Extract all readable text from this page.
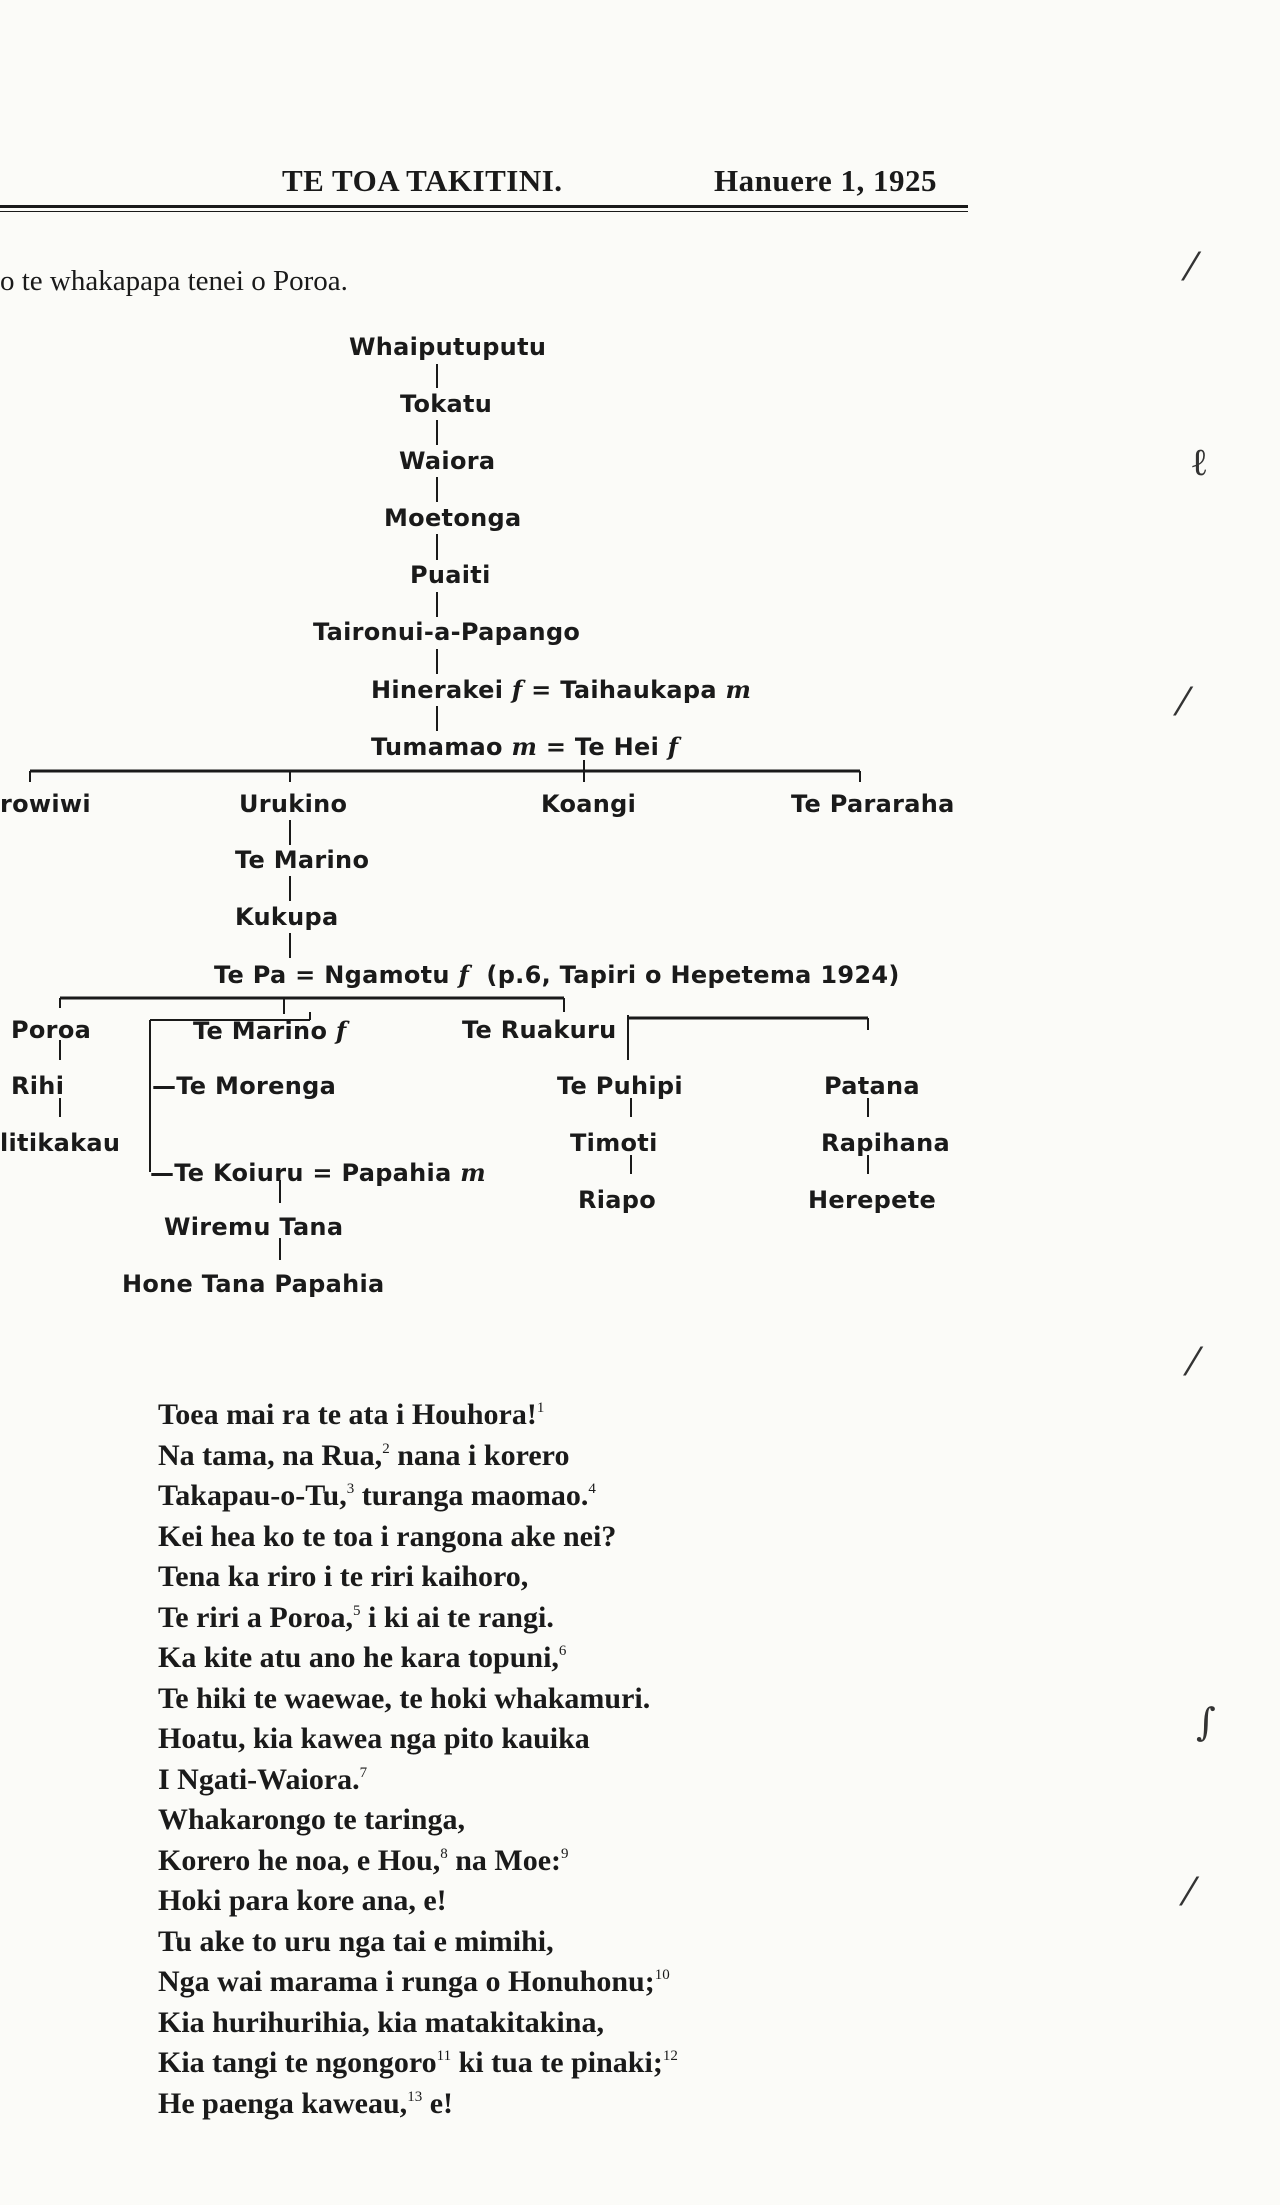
TE TOA TAKITINI.	Hanuere 1, 1925
o te whakapapa tenei o Poroa.
Whaiputuputu
Tokatu
Waiora
Moetonga
Puaiti
Taironui-a-Papango
Hinerakei f = Taihaukapa m
Tumamao m = Te Hei f
rowiwi	Urukino	Koangi	Te Pararaha
Te Marino
Kukupa
Te Pa = Ngamotu f (p.6, Tapiri o Hepetema 1924)
Poroa	Te Marino f	Te Ruakuru
Rihi	—Te Morenga	Te Puhipi	Patana
litikakau	Timoti	Rapihana
—Te Koiuru = Papahia m
Riapo	Herepete
Wiremu Tana
Hone Tana Papahia
Toea mai ra te ata i Houhora!$^1$
Na tama, na Rua,$^2$ nana i korero
Takapau-o-Tu,$^3$ turanga maomao.$^4$
Kei hea ko te toa i rangona ake nei?
Tena ka riro i te riri kaihoro,
Te riri a Poroa,$^5$ i ki ai te rangi.
Ka kite atu ano he kara topuni,$^6$
Te hiki te waewae, te hoki whakamuri.
Hoatu, kia kawea nga pito kauika
I Ngati-Waiora.$^7$
Whakarongo te taringa,
Korero he noa, e Hou,$^8$ na Moe:$^9$
Hoki para kore ana, e!
Tu ake to uru nga tai e mimihi,
Nga wai marama i runga o Honuhonu;$^{10}$
Kia hurihurihia, kia matakitakina,
Kia tangi te ngongoro$^{11}$ ki tua te pinaki;$^{12}$
He paenga kaweau,$^{13}$ e!
⁄
ℓ
⁄
⁄
∫
⁄
